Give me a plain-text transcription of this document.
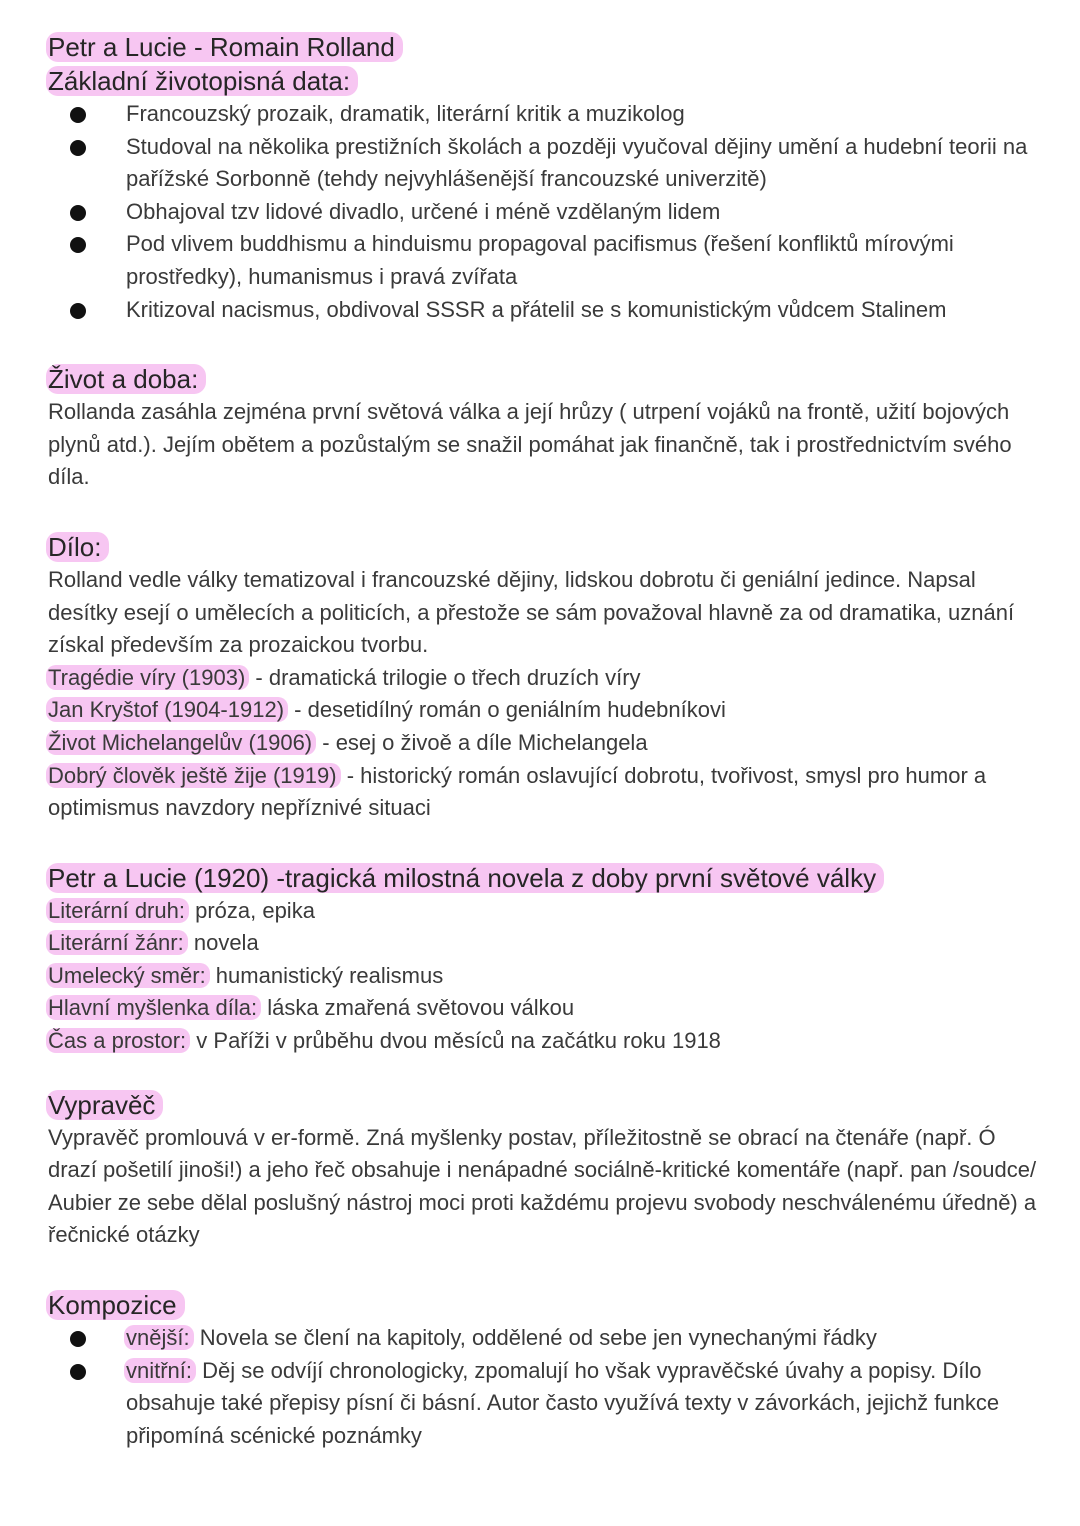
Petr a Lucie - Romain Rolland

Základní životopisná data:

Francouzský prozaik, dramatik, literární kritik a muzikolog
Studoval na několika prestižních školách a později vyučoval dějiny umění a hudební teorii na pařížské Sorbonně (tehdy nejvyhlášenější francouzské univerzitě)
Obhajoval tzv lidové divadlo, určené i méně vzdělaným lidem
Pod vlivem buddhismu a hinduismu propagoval pacifismus (řešení konfliktů mírovými prostředky), humanismus i pravá zvířata
Kritizoval nacismus, obdivoval SSSR a přátelil se s komunistickým vůdcem Stalinem

Život a doba:

Rollanda zasáhla zejména první světová válka a její hrůzy ( utrpení vojáků na frontě, užití bojových plynů atd.). Jejím obětem a pozůstalým se snažil pomáhat jak finančně, tak i prostřednictvím svého díla.

Dílo:

Rolland vedle války tematizoval i francouzské dějiny, lidskou dobrotu či geniální jedince. Napsal desítky esejí o umělecích a politicích, a přestože se sám považoval hlavně za od dramatika, uznání získal především za prozaickou tvorbu.

Tragédie víry (1903) - dramatická trilogie o třech druzích víry

Jan Kryštof (1904-1912) - desetidílný román o geniálním hudebníkovi

Život Michelangelův (1906) - esej o živoě a díle Michelangela

Dobrý člověk ještě žije (1919) - historický román oslavující dobrotu, tvořivost, smysl pro humor a optimismus navzdory nepříznivé situaci

Petr a Lucie (1920) -tragická milostná novela z doby první světové války

Literární druh: próza, epika

Literární žánr: novela

Umelecký směr: humanistický realismus

Hlavní myšlenka díla: láska zmařená světovou válkou

Čas a prostor: v Paříži v průběhu dvou měsíců na začátku roku 1918

Vypravěč

Vypravěč promlouvá v er-formě. Zná myšlenky postav, příležitostně se obrací na čtenáře (např. Ó drazí pošetilí jinoši!) a jeho řeč obsahuje i nenápadné sociálně-kritické komentáře (např. pan /soudce/ Aubier ze sebe dělal poslušný nástroj moci proti každému projevu svobody neschválenému úředně) a řečnické otázky

Kompozice

vnější: Novela se člení na kapitoly, oddělené od sebe jen vynechanými řádky
vnitřní: Děj se odvíjí chronologicky, zpomalují ho však vypravěčské úvahy a popisy. Dílo obsahuje také přepisy písní či básní. Autor často využívá texty v závorkách, jejichž funkce připomíná scénické poznámky
